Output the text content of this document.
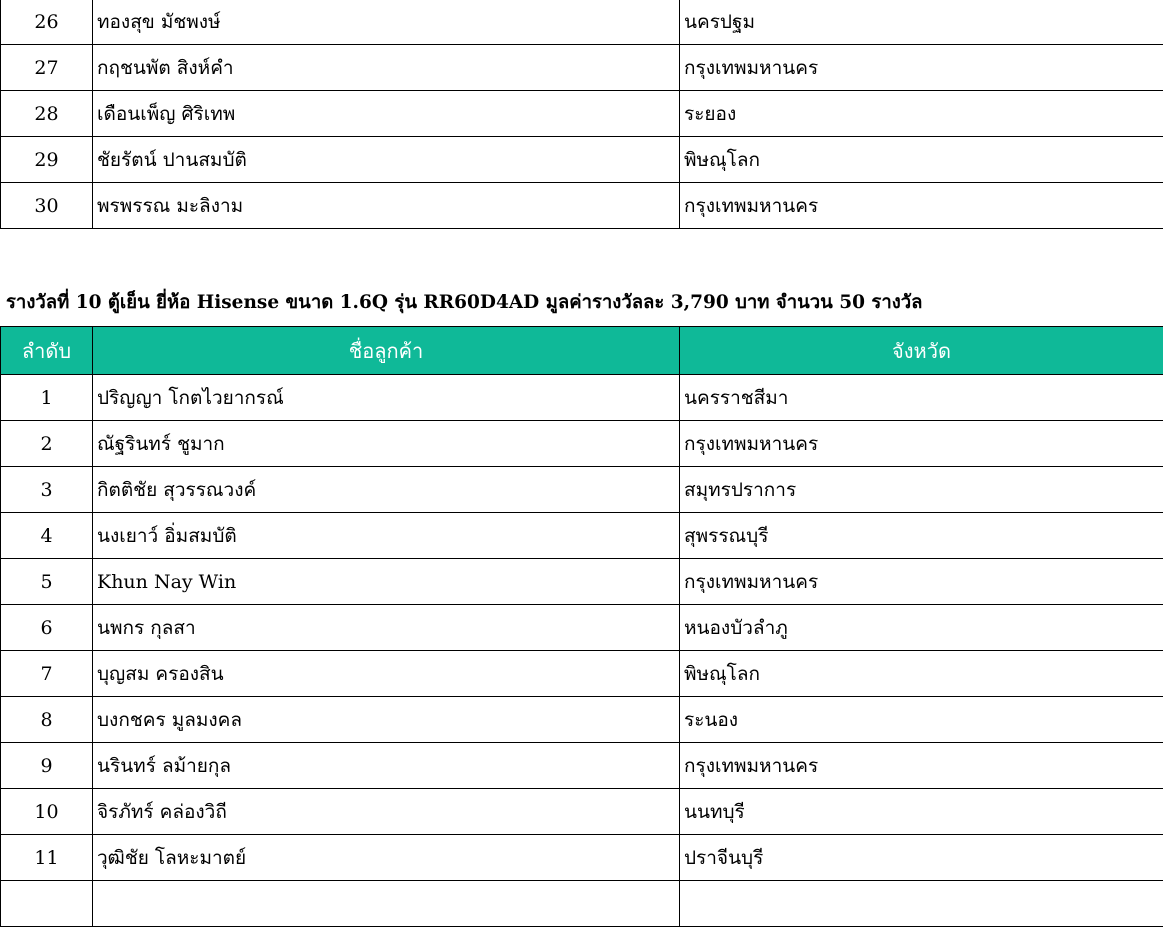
26	ทองสุข มัชพงษ์	นครปฐม
27	กฤชนพัต สิงห์คำ	กรุงเทพมหานคร
28	เดือนเพ็ญ ศิริเทพ	ระยอง
29	ชัยรัตน์ ปานสมบัติ	พิษณุโลก
30	พรพรรณ มะลิงาม	กรุงเทพมหานคร
รางวัลที่ 10 ตู้เย็น ยี่ห้อ Hisense ขนาด 1.6Q รุ่น RR60D4AD มูลค่ารางวัลละ 3,790 บาท จำนวน 50 รางวัล
ลำดับ	ชื่อลูกค้า	จังหวัด
1	ปริญญา โกตไวยากรณ์	นครราชสีมา
2	ณัฐรินทร์ ชูมาก	กรุงเทพมหานคร
3	กิตติชัย สุวรรณวงค์	สมุทรปราการ
4	นงเยาว์ อิ่มสมบัติ	สุพรรณบุรี
5	Khun Nay Win	กรุงเทพมหานคร
6	นพกร กุลสา	หนองบัวลำภู
7	บุญสม ครองสิน	พิษณุโลก
8	บงกชคร มูลมงคล	ระนอง
9	นรินทร์ ลม้ายกุล	กรุงเทพมหานคร
10	จิรภัทร์ คล่องวิถี	นนทบุรี
11	วุฒิชัย โลหะมาตย์	ปราจีนบุรี
